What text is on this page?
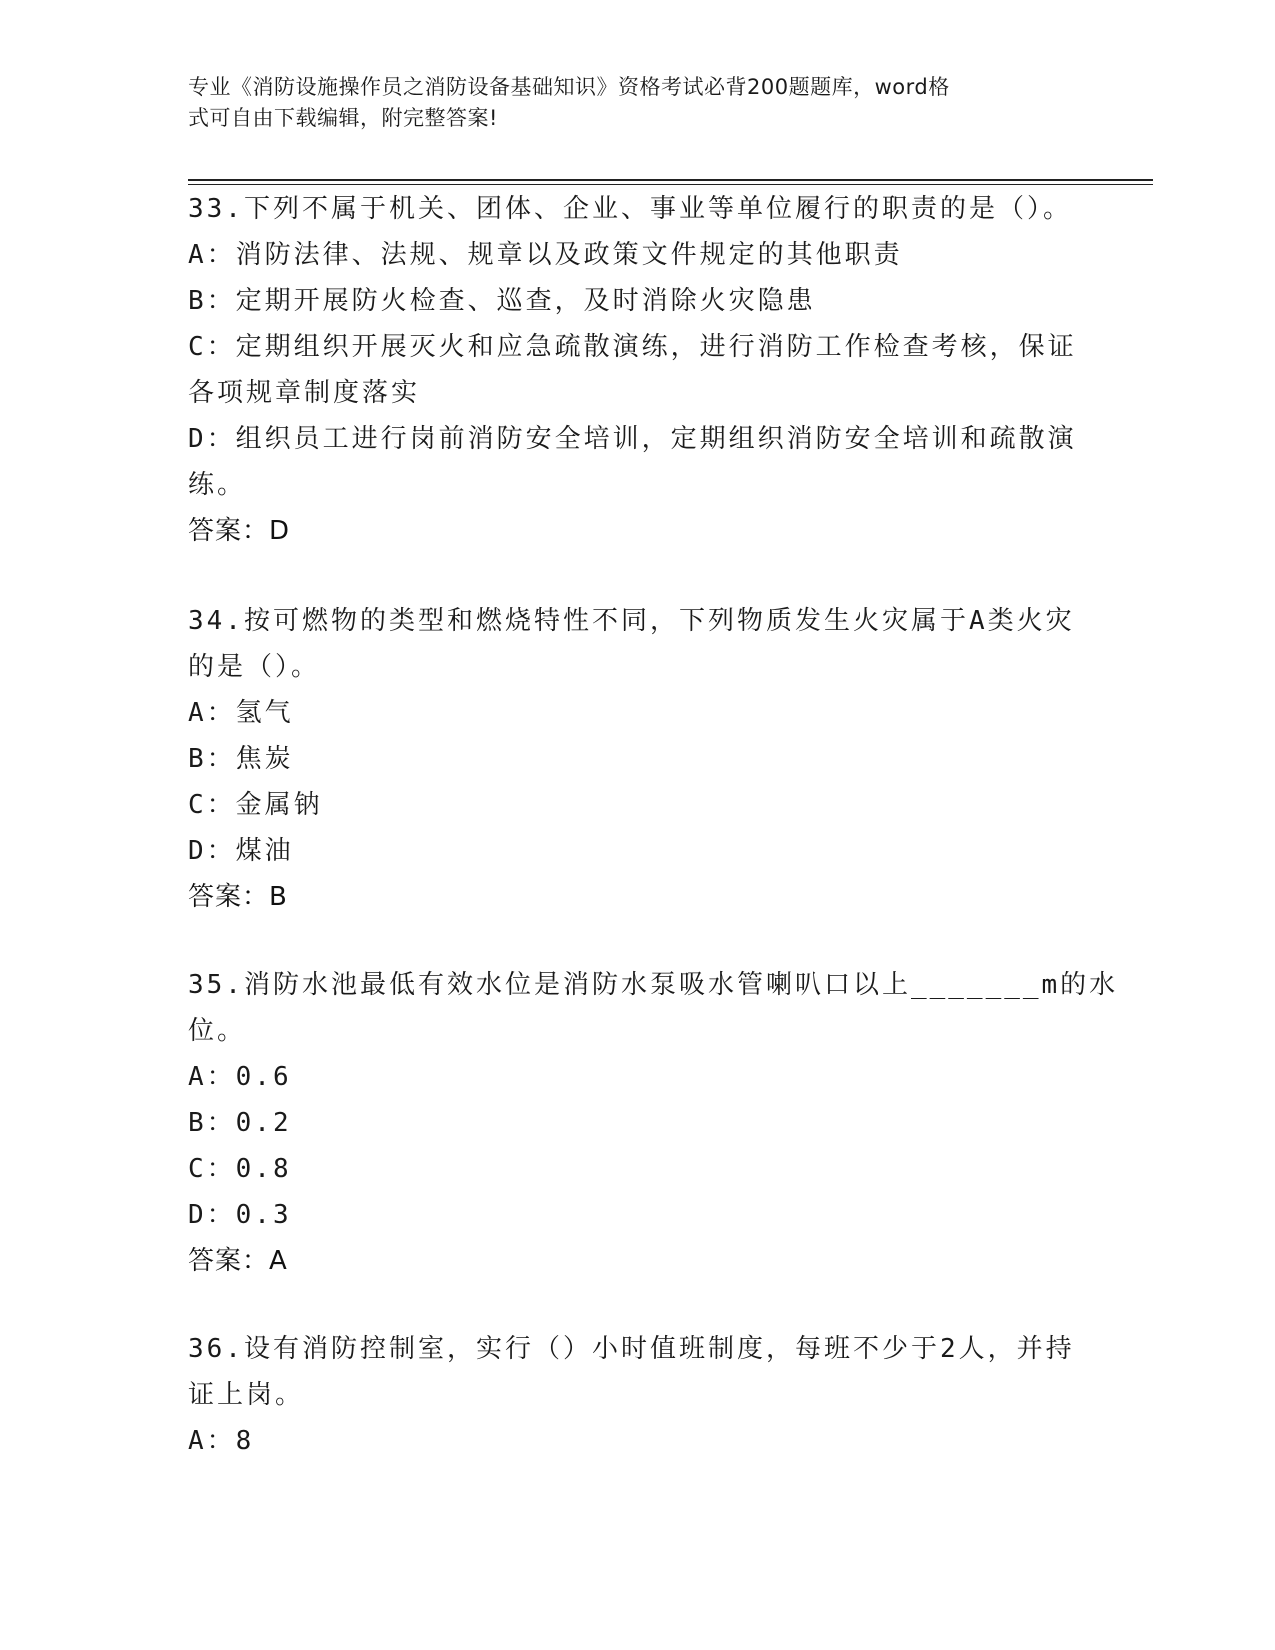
专业《消防设施操作员之消防设备基础知识》资格考试必背200题题库，word格
式可自由下载编辑，附完整答案!
33.下列不属于机关、团体、企业、事业等单位履行的职责的是（）。
A：消防法律、法规、规章以及政策文件规定的其他职责
B：定期开展防火检查、巡查，及时消除火灾隐患
C：定期组织开展灭火和应急疏散演练，进行消防工作检查考核，保证
各项规章制度落实
D：组织员工进行岗前消防安全培训，定期组织消防安全培训和疏散演
练。
答案：D
34.按可燃物的类型和燃烧特性不同，下列物质发生火灾属于A类火灾
的是（）。
A：氢气
B：焦炭
C：金属钠
D：煤油
答案：B
35.消防水池最低有效水位是消防水泵吸水管喇叭口以上_______m的水
位。
A：0.6
B：0.2
C：0.8
D：0.3
答案：A
36.设有消防控制室，实行（）小时值班制度，每班不少于2人，并持
证上岗。
A：8
